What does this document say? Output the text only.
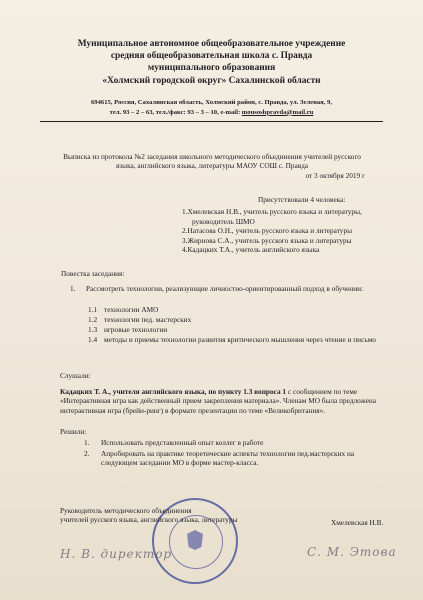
Муниципальное автономное общеобразовательное учреждение
средняя общеобразовательная школа с. Правда
муниципального образования
«Холмский городской округ» Сахалинской области
694615, Россия, Сахалинская область, Холмский район, с. Правда, ул. Зеленая, 9,
тел. 93 – 2 – 63, тел./факс: 93 – 3 – 10, e-mail: mousoshpravda@mail.ru
Выписка из протокола №2 заседания школьного методического объединения учителей русского языка, английского языка, литературы МАОУ СОШ с. Правда
от 3 октября 2019 г
Присутствовали 4 человека:
1.Хмелевская Н.В., учитель русского языка и литературы,
руководитель ШМО
2.Натасова О.Н., учитель русского языка и литературы
3.Жирнова С.А., учитель русского языка и литературы
4.Кадацких Т.А., учитель английского языка
Повестка заседания:
1. Рассмотреть технологии, реализующие личностно-ориентированный подход в обучении:
1.1 технологии АМО
1.2 технологии пед. мастерских
1.3 игровые технологии
1.4 методы и приемы технологии развития критического мышления через чтение и письмо
Слушали:
Кадацких Т. А., учителя английского языка, по пункту 1.3 вопроса 1 с сообщением по теме «Интерактивная игра как действенный прием закрепления материала». Членам МО была предложена интерактивная игра (брейн-ринг) в формате презентации по теме «Великобритания».
Решили:
1. Использовать представленный опыт коллег в работе
2. Апробировать на практике теоретические аспекты технологии пед.мастерских на следующем заседании МО в форме мастер-класса.
Руководитель методического объединения
учителей русского языка, английского языка, литературы	Хмелевская Н.В.
Н. В. директор	С. М. Этова
